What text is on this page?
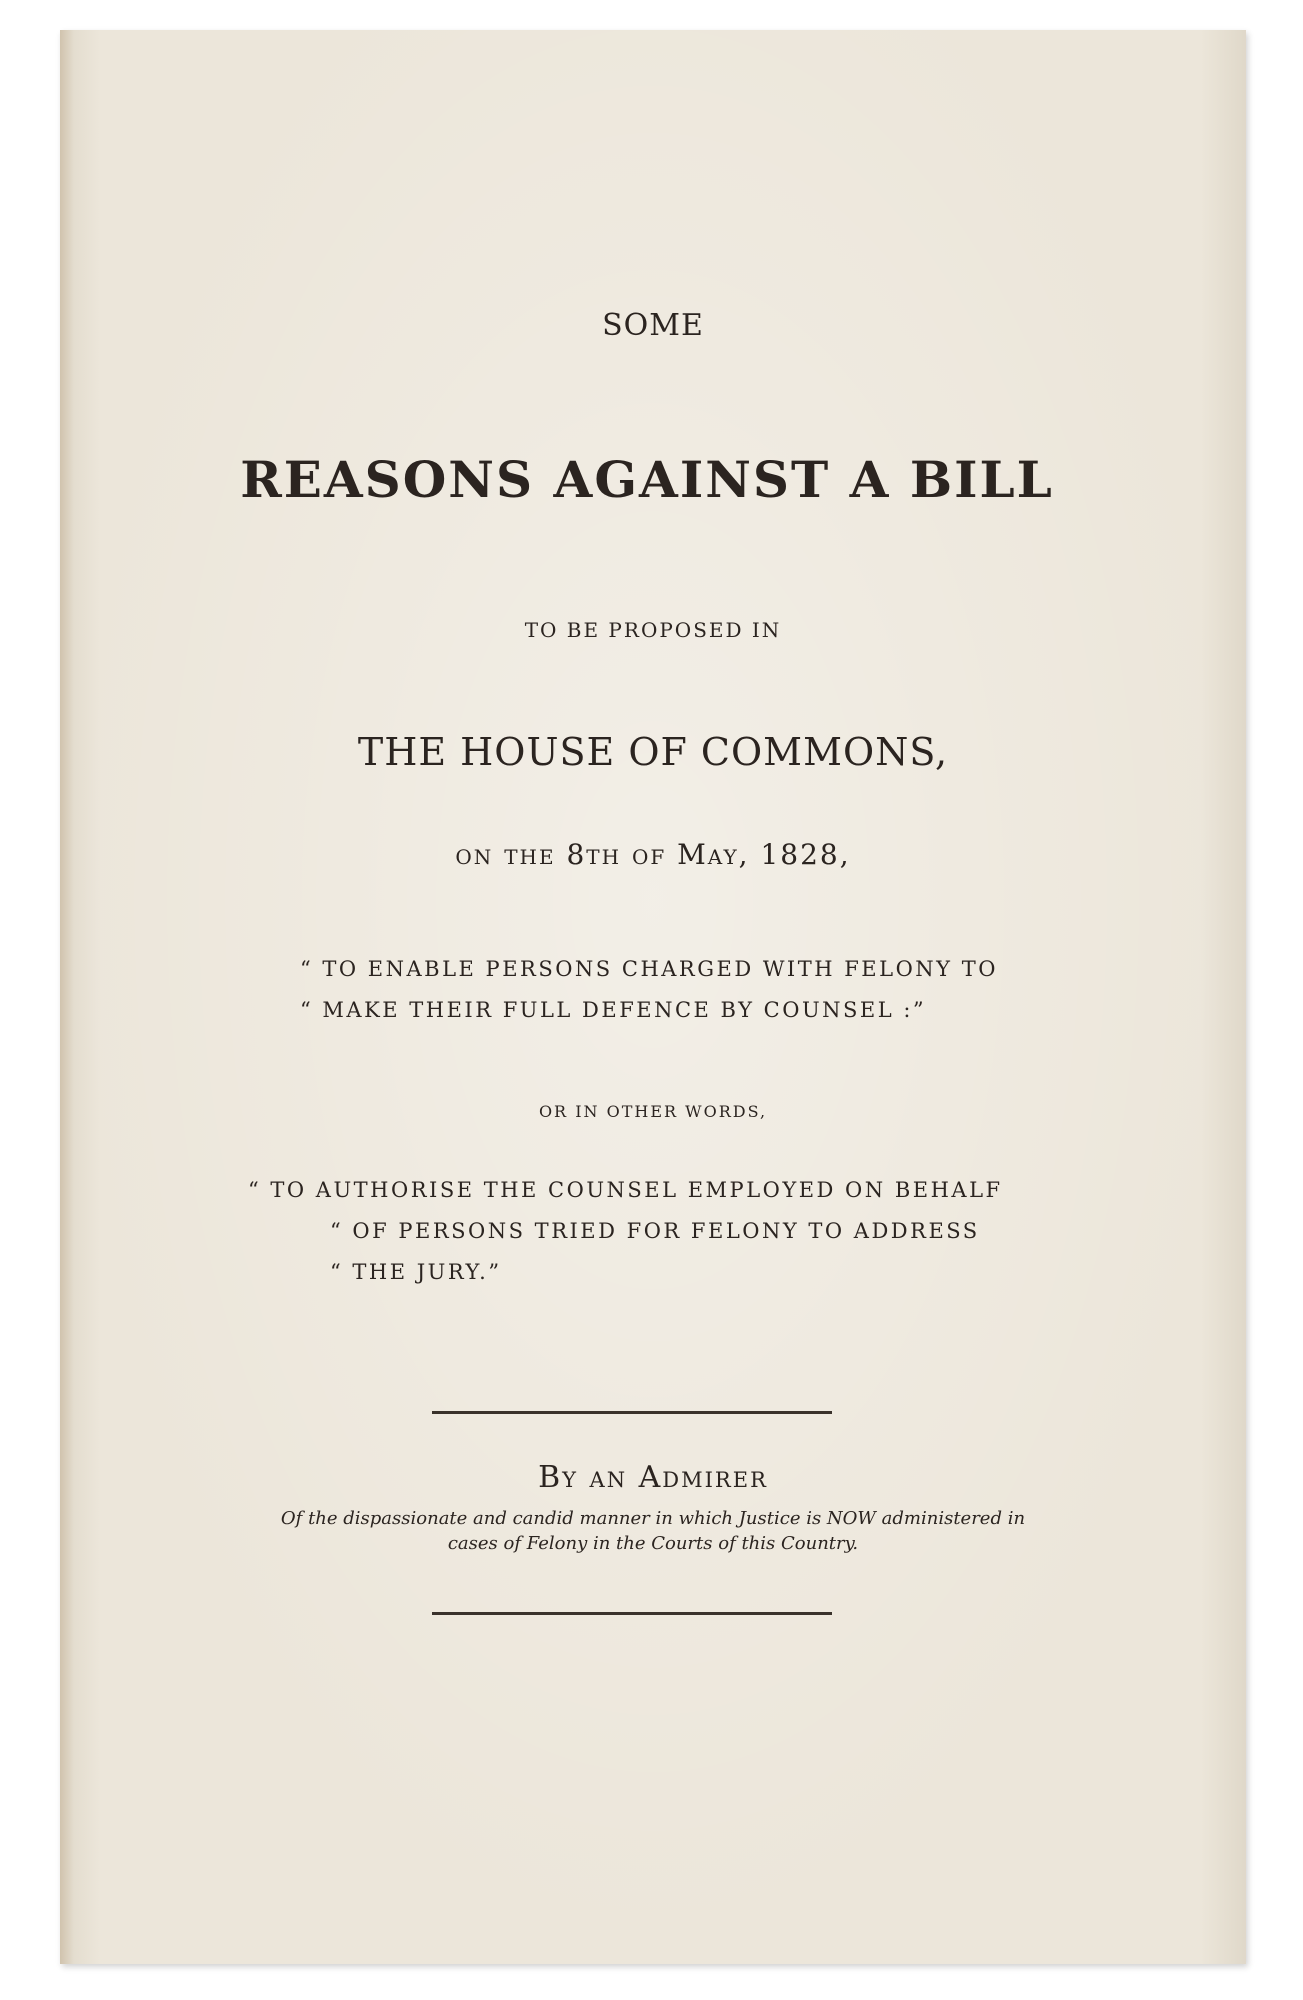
SOME
REASONS AGAINST A BILL
TO BE PROPOSED IN
THE HOUSE OF COMMONS,
on the 8th of May, 1828,
“ TO ENABLE PERSONS CHARGED WITH FELONY TO
“ MAKE THEIR FULL DEFENCE BY COUNSEL :”
OR IN OTHER WORDS,
“ TO AUTHORISE THE COUNSEL EMPLOYED ON BEHALF
“ OF PERSONS TRIED FOR FELONY TO ADDRESS
“ THE JURY.”
By an Admirer
Of the dispassionate and candid manner in which Justice is NOW administered in
cases of Felony in the Courts of this Country.
